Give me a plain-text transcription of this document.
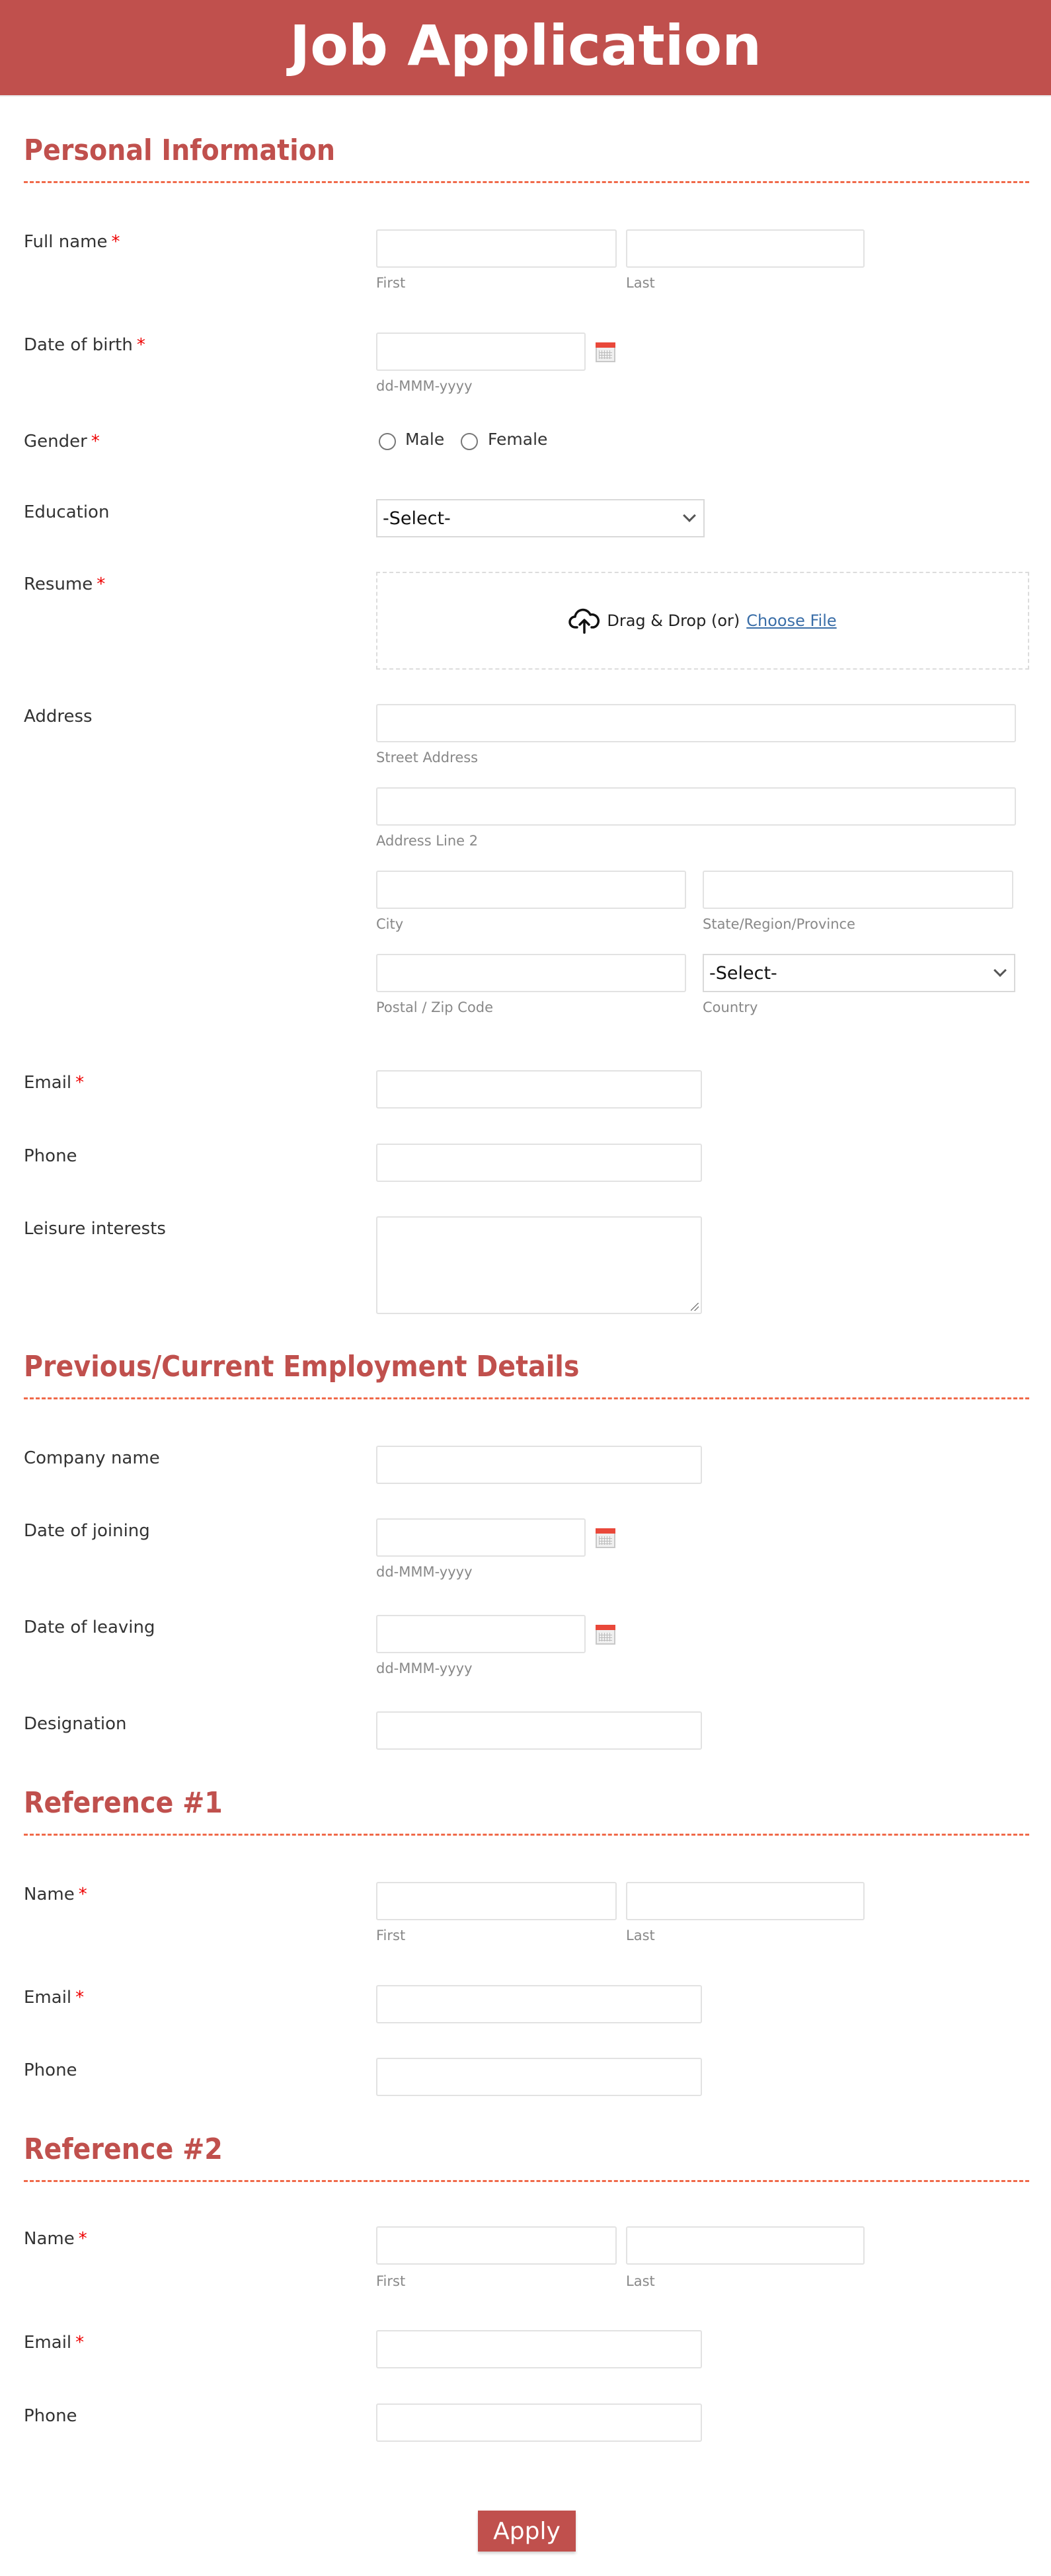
Job Application
Personal Information
Full name *
First	Last
Date of birth *
dd-MMM-yyyy
Gender *	Male	Female
Education	-Select-
Resume *
Drag & Drop (or) Choose File
Address
Street Address
Address Line 2
City	State/Region/Province
-Select-
Postal / Zip Code	Country
Email *
Phone
Leisure interests
Previous/Current Employment Details
Company name
Date of joining
dd-MMM-yyyy
Date of leaving
dd-MMM-yyyy
Designation
Reference #1
Name *
First	Last
Email *
Phone
Reference #2
Name *
First	Last
Email *
Phone
Apply
